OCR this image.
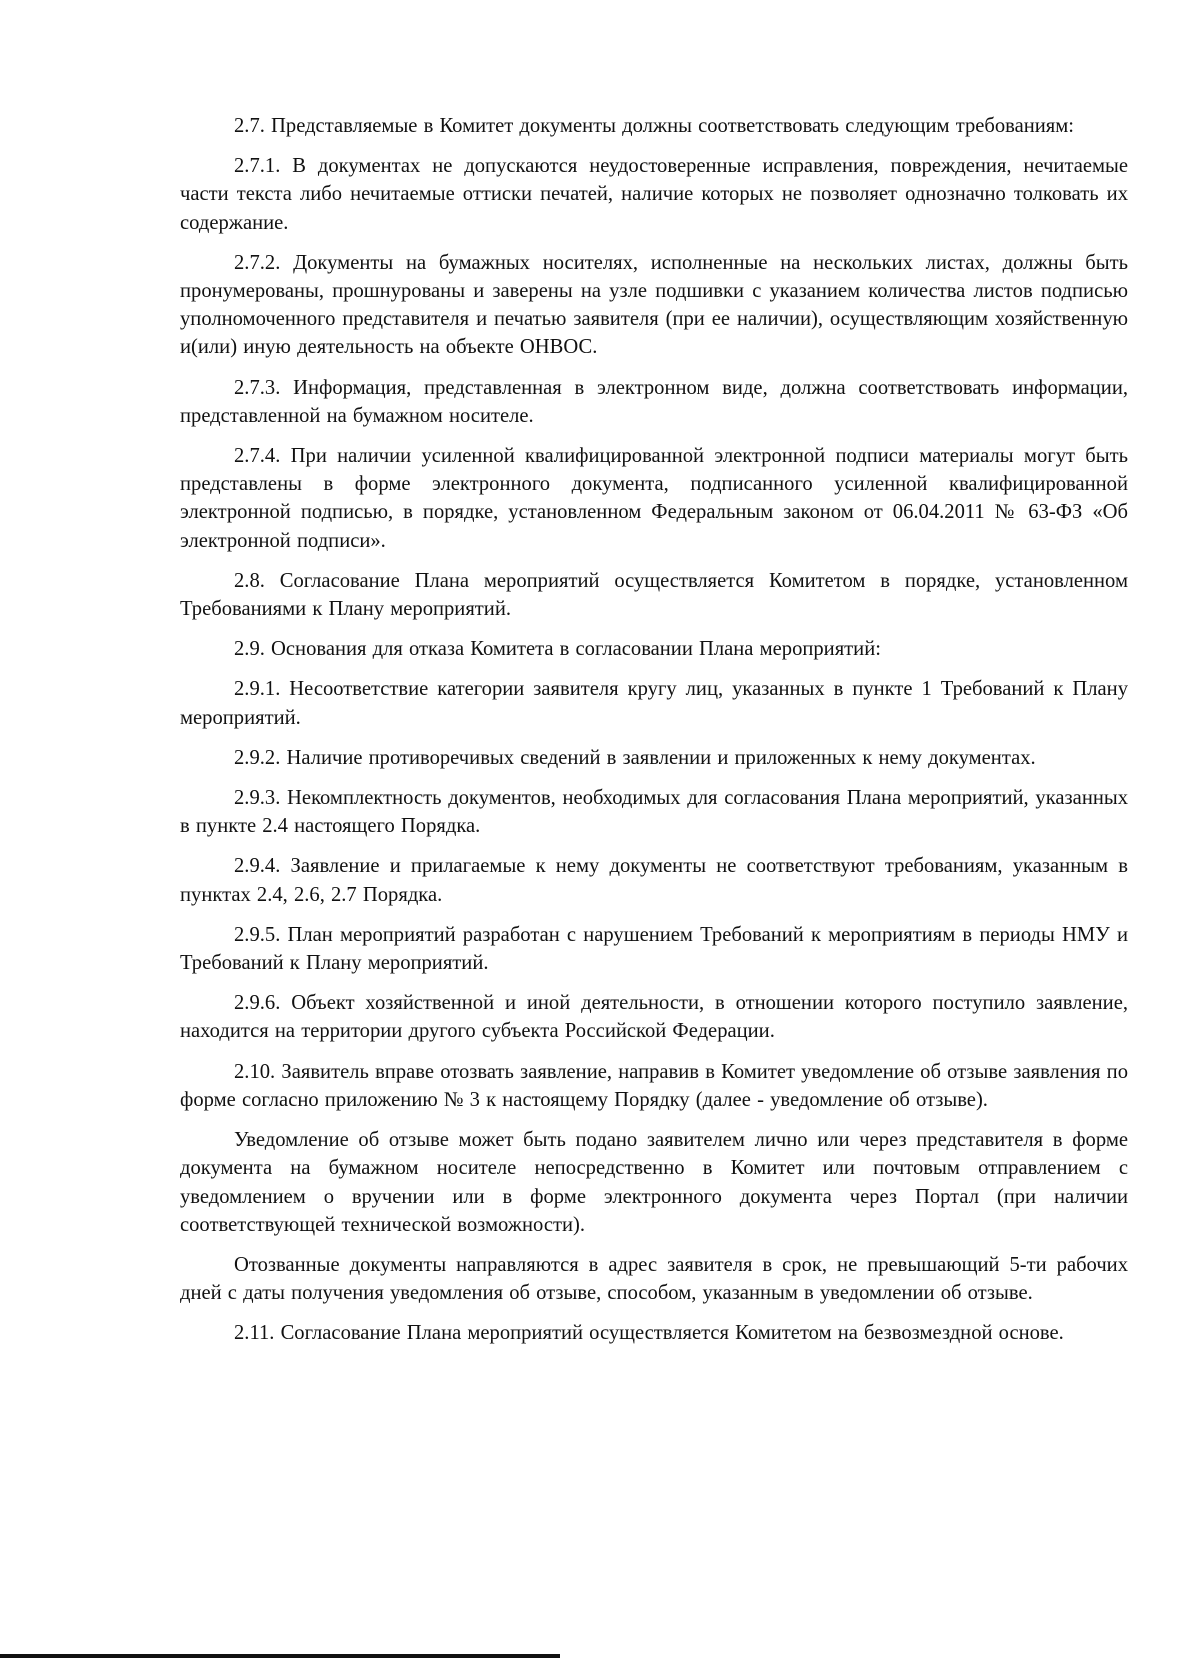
2.7. Представляемые в Комитет документы должны соответствовать следующим требованиям:

2.7.1. В документах не допускаются неудостоверенные исправления, повреждения, нечитаемые части текста либо нечитаемые оттиски печатей, наличие которых не позволяет однозначно толковать их содержание.

2.7.2. Документы на бумажных носителях, исполненные на нескольких листах, должны быть пронумерованы, прошнурованы и заверены на узле подшивки с указанием количества листов подписью уполномоченного представителя и печатью заявителя (при ее наличии), осуществляющим хозяйственную и(или) иную деятельность на объекте ОНВОС.

2.7.3. Информация, представленная в электронном виде, должна соответствовать информации, представленной на бумажном носителе.

2.7.4. При наличии усиленной квалифицированной электронной подписи материалы могут быть представлены в форме электронного документа, подписанного усиленной квалифицированной электронной подписью, в порядке, установленном Федеральным законом от 06.04.2011 № 63-ФЗ «Об электронной подписи».

2.8. Согласование Плана мероприятий осуществляется Комитетом в порядке, установленном Требованиями к Плану мероприятий.

2.9. Основания для отказа Комитета в согласовании Плана мероприятий:

2.9.1. Несоответствие категории заявителя кругу лиц, указанных в пункте 1 Требований к Плану мероприятий.

2.9.2. Наличие противоречивых сведений в заявлении и приложенных к нему документах.

2.9.3. Некомплектность документов, необходимых для согласования Плана мероприятий, указанных в пункте 2.4 настоящего Порядка.

2.9.4. Заявление и прилагаемые к нему документы не соответствуют требованиям, указанным в пунктах 2.4, 2.6, 2.7 Порядка.

2.9.5. План мероприятий разработан с нарушением Требований к мероприятиям в периоды НМУ и Требований к Плану мероприятий.

2.9.6. Объект хозяйственной и иной деятельности, в отношении которого поступило заявление, находится на территории другого субъекта Российской Федерации.

2.10. Заявитель вправе отозвать заявление, направив в Комитет уведомление об отзыве заявления по форме согласно приложению № 3 к настоящему Порядку (далее - уведомление об отзыве).

Уведомление об отзыве может быть подано заявителем лично или через представителя в форме документа на бумажном носителе непосредственно в Комитет или почтовым отправлением с уведомлением о вручении или в форме электронного документа через Портал (при наличии соответствующей технической возможности).

Отозванные документы направляются в адрес заявителя в срок, не превышающий 5-ти рабочих дней с даты получения уведомления об отзыве, способом, указанным в уведомлении об отзыве.

2.11. Согласование Плана мероприятий осуществляется Комитетом на безвозмездной основе.
